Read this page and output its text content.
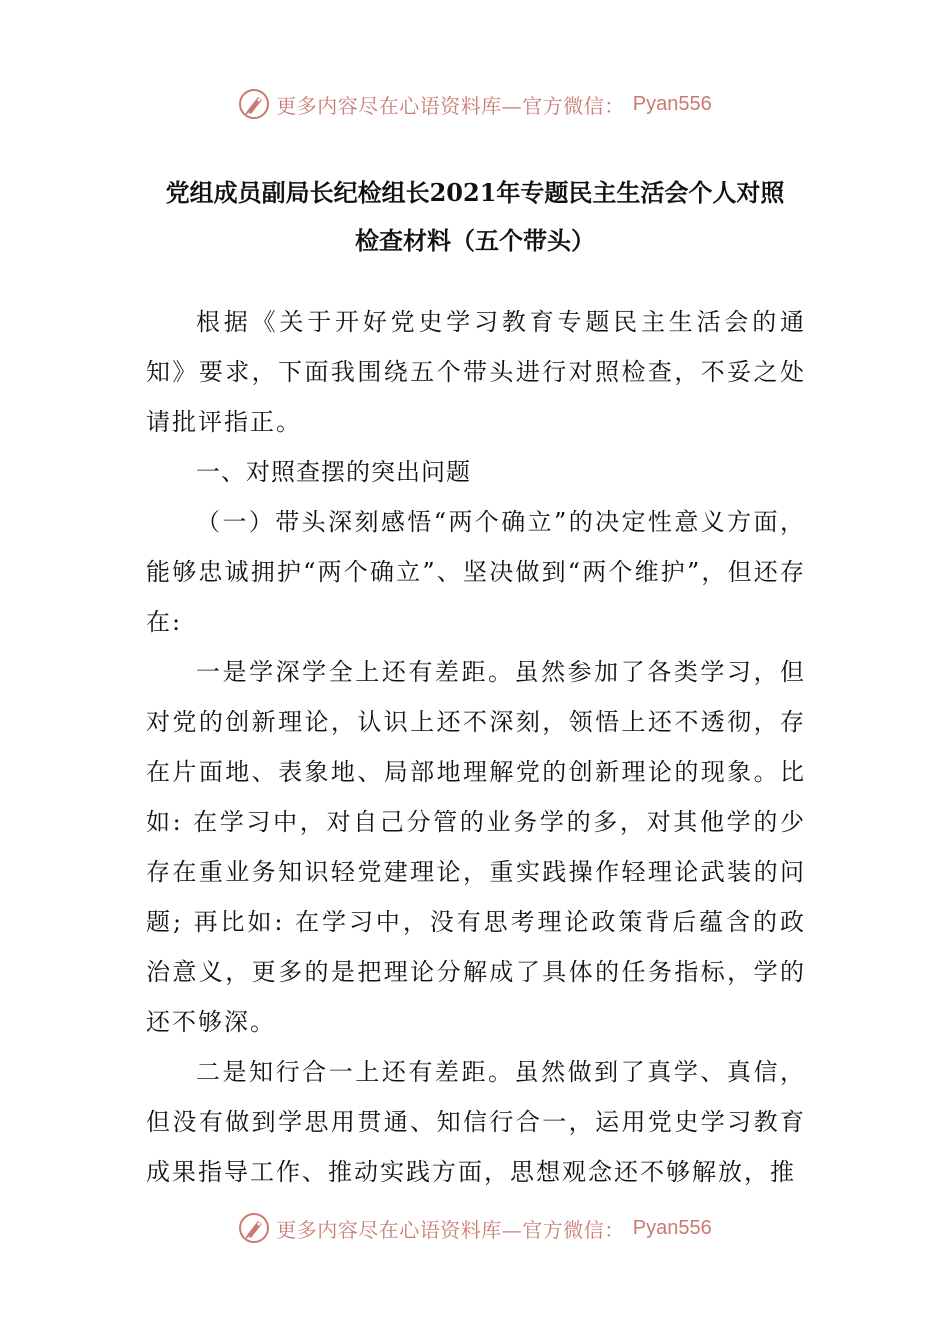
更多内容尽在心语资料库—官方微信： Pyan556
党组成员副局长纪检组长2021年专题民主生活会个人对照
检查材料（五个带头）

根据《关于开好党史学习教育专题民主生活会的通知》要求，下面我围绕五个带头进行对照检查，不妥之处请批评指正。

一、对照查摆的突出问题

（一）带头深刻感悟“两个确立”的决定性意义方面，能够忠诚拥护“两个确立”、坚决做到“两个维护”，但还存在:

一是学深学全上还有差距。虽然参加了各类学习，但对党的创新理论，认识上还不深刻，领悟上还不透彻，存在片面地、表象地、局部地理解党的创新理论的现象。比如: 在学习中，对自己分管的业务学的多，对其他学的少存在重业务知识轻党建理论，重实践操作轻理论武装的问题; 再比如: 在学习中，没有思考理论政策背后蕴含的政治意义，更多的是把理论分解成了具体的任务指标，学的还不够深。

二是知行合一上还有差距。虽然做到了真学、真信，但没有做到学思用贯通、知信行合一，运用党史学习教育成果指导工作、推动实践方面，思想观念还不够解放，推

更多内容尽在心语资料库—官方微信： Pyan556
